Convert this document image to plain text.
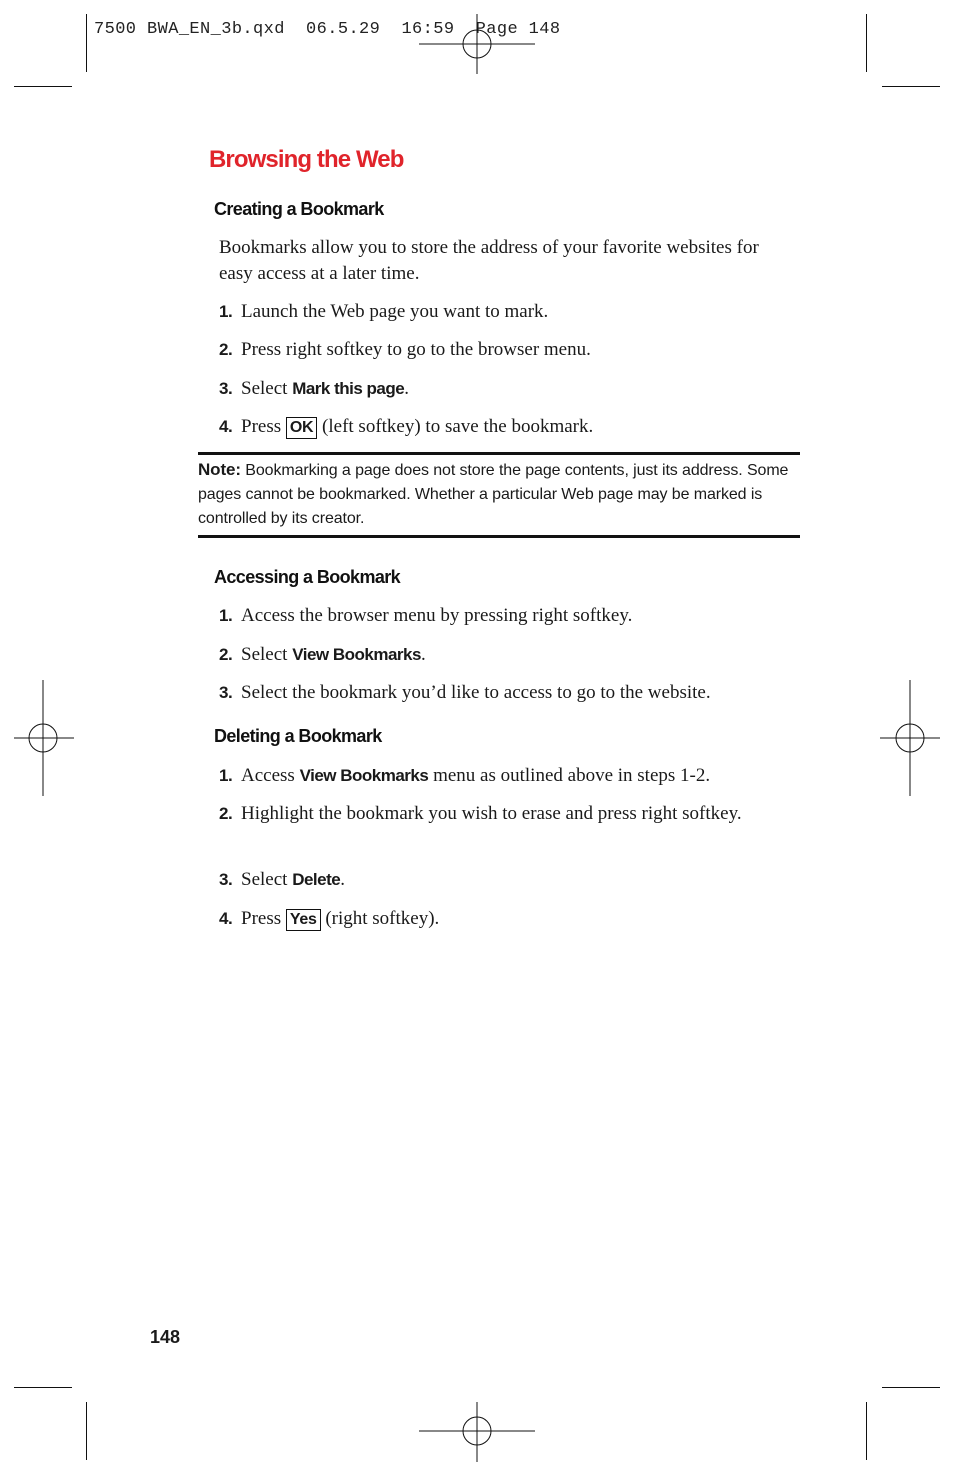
7500 BWA_EN_3b.qxd  06.5.29  16:59  Page 148
Browsing the Web
Creating a Bookmark
Bookmarks allow you to store the address of your favorite websites for easy access at a later time.
1. Launch the Web page you want to mark.
2. Press right softkey to go to the browser menu.
3. Select Mark this page.
4. Press OK (left softkey) to save the bookmark.
Note: Bookmarking a page does not store the page contents, just its address. Some pages cannot be bookmarked. Whether a particular Web page may be marked is controlled by its creator.
Accessing a Bookmark
1. Access the browser menu by pressing right softkey.
2. Select View Bookmarks.
3. Select the bookmark you’d like to access to go to the website.
Deleting a Bookmark
1. Access View Bookmarks menu as outlined above in steps 1-2.
2. Highlight the bookmark you wish to erase and press right softkey.
3. Select Delete.
4. Press Yes (right softkey).
148
